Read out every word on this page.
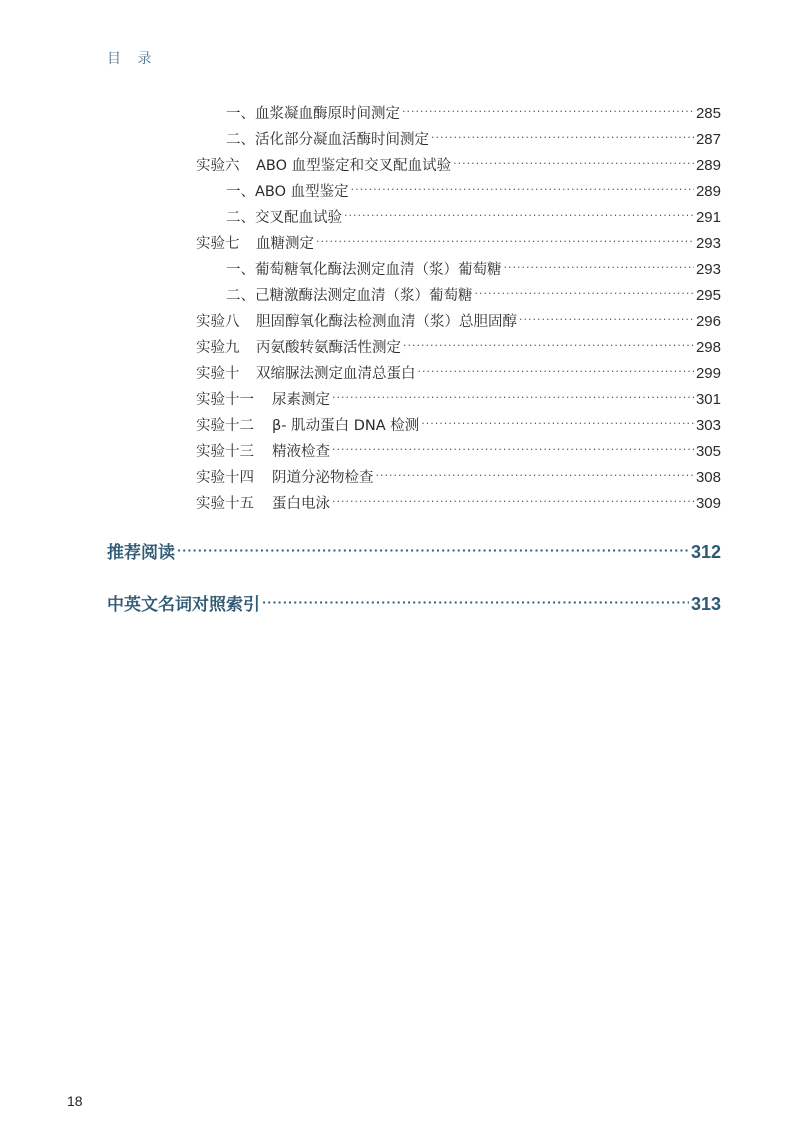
目 录
一、血浆凝血酶原时间测定 ·····	285
二、活化部分凝血活酶时间测定 ·····	287
实验六 ABO 血型鉴定和交叉配血试验 ·····	289
一、ABO 血型鉴定 ·····	289
二、交叉配血试验 ·····	291
实验七 血糖测定 ·····	293
一、葡萄糖氧化酶法测定血清（浆）葡萄糖 ·····	293
二、己糖激酶法测定血清（浆）葡萄糖 ·····	295
实验八 胆固醇氧化酶法检测血清（浆）总胆固醇 ·····	296
实验九 丙氨酸转氨酶活性测定 ·····	298
实验十 双缩脲法测定血清总蛋白 ·····	299
实验十一 尿素测定 ·····	301
实验十二 β- 肌动蛋白 DNA 检测 ·····	303
实验十三 精液检查 ·····	305
实验十四 阴道分泌物检查 ·····	308
实验十五 蛋白电泳 ·····	309
推荐阅读 ·····	312
中英文名词对照索引 ·····	313
18
